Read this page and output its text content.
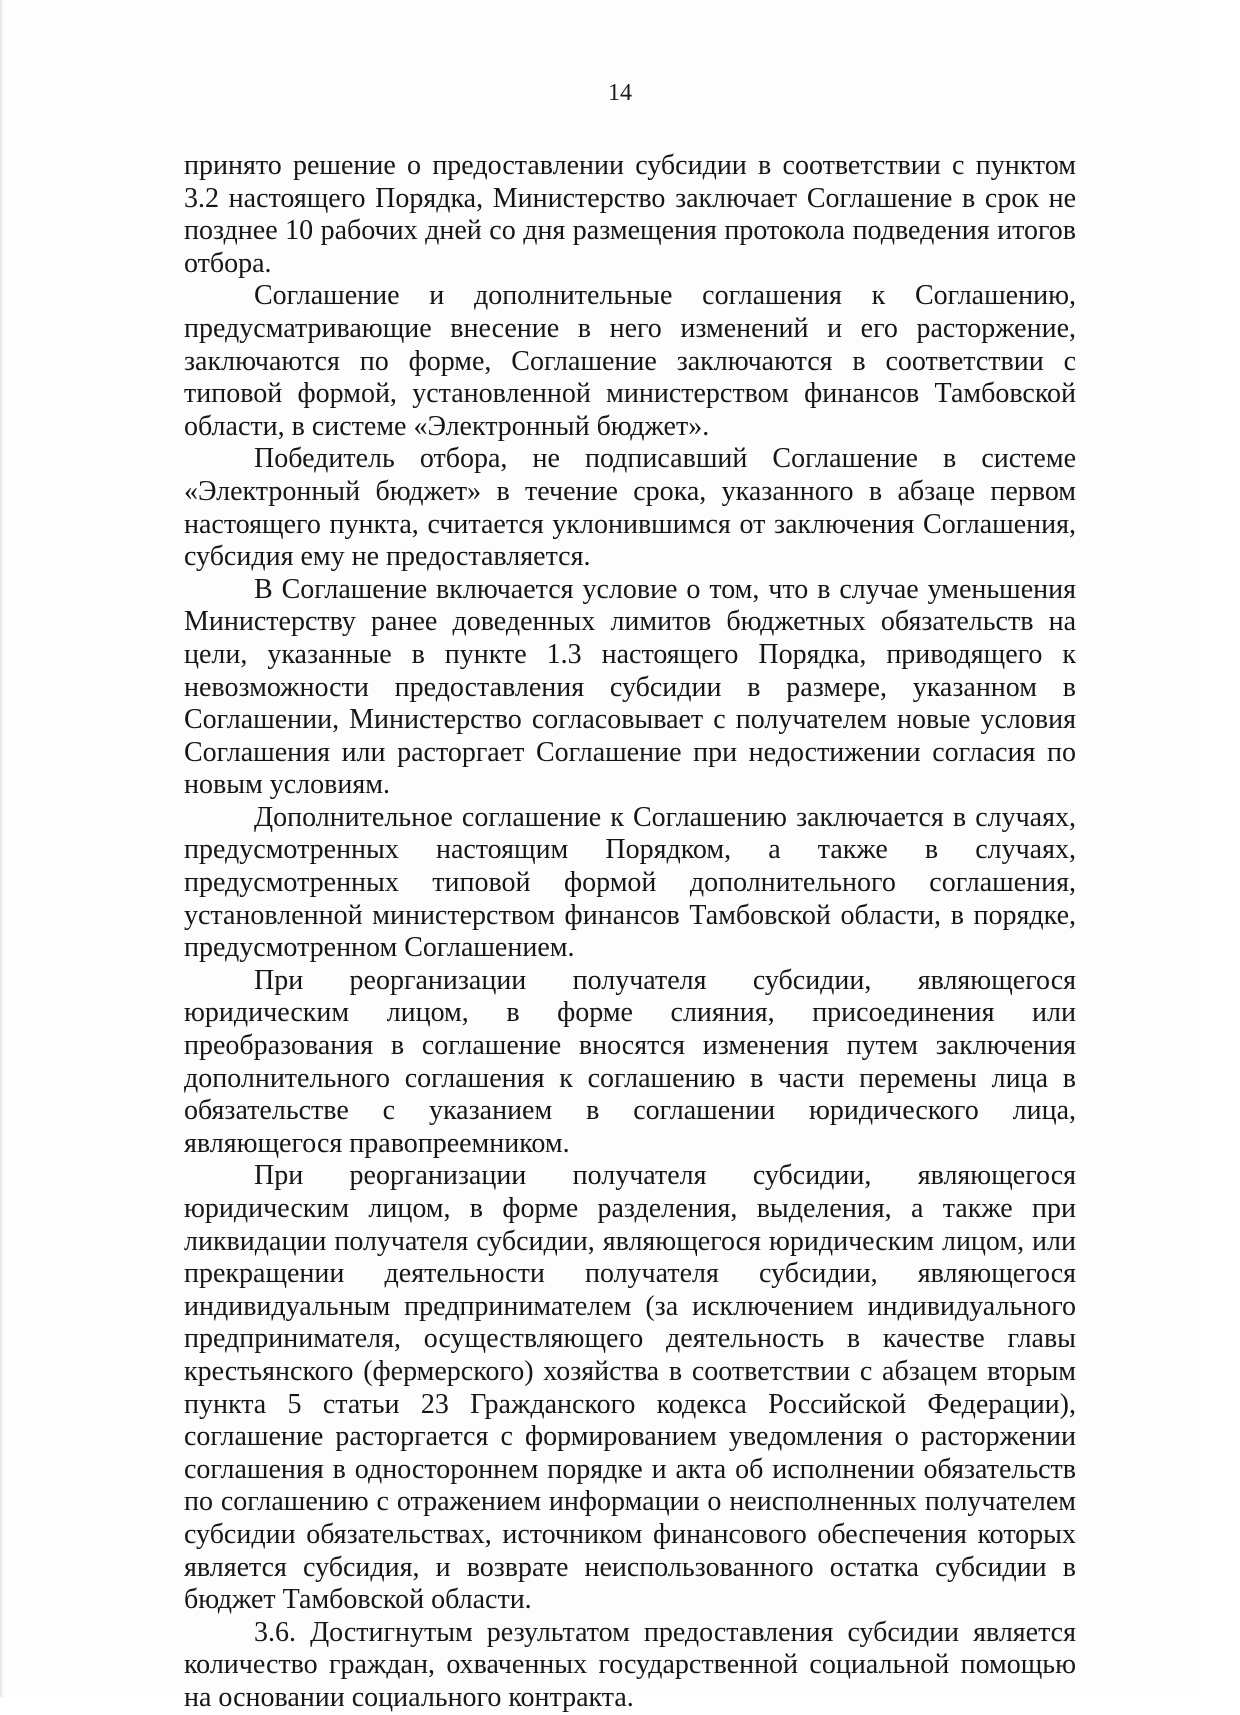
14

принято решение о предоставлении субсидии в соответствии с пунктом 3.2 настоящего Порядка, Министерство заключает Соглашение в срок не позднее 10 рабочих дней со дня размещения протокола подведения итогов отбора.

Соглашение и дополнительные соглашения к Соглашению, предусматривающие внесение в него изменений и его расторжение, заключаются по форме, Соглашение заключаются в соответствии с типовой формой, установленной министерством финансов Тамбовской области, в системе «Электронный бюджет».

Победитель отбора, не подписавший Соглашение в системе «Электронный бюджет» в течение срока, указанного в абзаце первом настоящего пункта, считается уклонившимся от заключения Соглашения, субсидия ему не предоставляется.

В Соглашение включается условие о том, что в случае уменьшения Министерству ранее доведенных лимитов бюджетных обязательств на цели, указанные в пункте 1.3 настоящего Порядка, приводящего к невозможности предоставления субсидии в размере, указанном в Соглашении, Министерство согласовывает с получателем новые условия Соглашения или расторгает Соглашение при недостижении согласия по новым условиям.

Дополнительное соглашение к Соглашению заключается в случаях, предусмотренных настоящим Порядком, а также в случаях, предусмотренных типовой формой дополнительного соглашения, установленной министерством финансов Тамбовской области, в порядке, предусмотренном Соглашением.

При реорганизации получателя субсидии, являющегося юридическим лицом, в форме слияния, присоединения или преобразования в соглашение вносятся изменения путем заключения дополнительного соглашения к соглашению в части перемены лица в обязательстве с указанием в соглашении юридического лица, являющегося правопреемником.

При реорганизации получателя субсидии, являющегося юридическим лицом, в форме разделения, выделения, а также при ликвидации получателя субсидии, являющегося юридическим лицом, или прекращении деятельности получателя субсидии, являющегося индивидуальным предпринимателем (за исключением индивидуального предпринимателя, осуществляющего деятельность в качестве главы крестьянского (фермерского) хозяйства в соответствии с абзацем вторым пункта 5 статьи 23 Гражданского кодекса Российской Федерации), соглашение расторгается с формированием уведомления о расторжении соглашения в одностороннем порядке и акта об исполнении обязательств по соглашению с отражением информации о неисполненных получателем субсидии обязательствах, источником финансового обеспечения которых является субсидия, и возврате неиспользованного остатка субсидии в бюджет Тамбовской области.

3.6. Достигнутым результатом предоставления субсидии является количество граждан, охваченных государственной социальной помощью на основании социального контракта.
